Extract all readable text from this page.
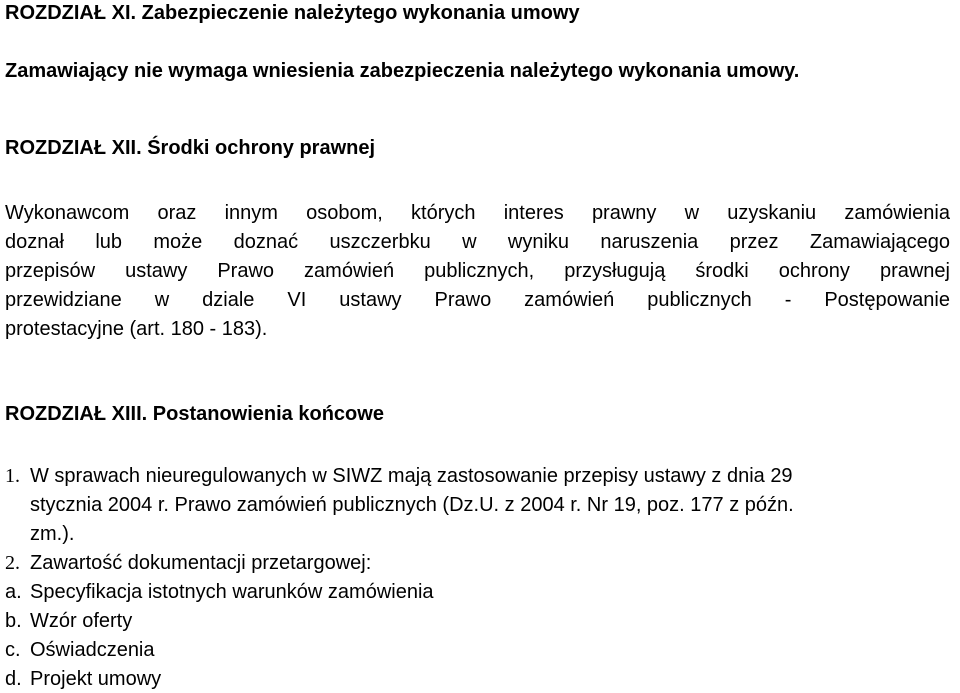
ROZDZIAŁ XI. Zabezpieczenie należytego wykonania umowy
Zamawiający nie wymaga wniesienia zabezpieczenia należytego wykonania umowy.
ROZDZIAŁ XII. Środki ochrony prawnej
Wykonawcom oraz innym osobom, których interes prawny w uzyskaniu zamówienia
doznał lub może doznać uszczerbku w wyniku naruszenia przez Zamawiającego
przepisów ustawy Prawo zamówień publicznych, przysługują środki ochrony prawnej
przewidziane w dziale VI ustawy Prawo zamówień publicznych - Postępowanie
protestacyjne (art. 180 - 183).
ROZDZIAŁ XIII. Postanowienia końcowe
1. W sprawach nieuregulowanych w SIWZ mają zastosowanie przepisy ustawy z dnia 29
stycznia 2004 r. Prawo zamówień publicznych (Dz.U. z 2004 r. Nr 19, poz. 177 z późn.
zm.).
2. Zawartość dokumentacji przetargowej:
a. Specyfikacja istotnych warunków zamówienia
b. Wzór oferty
c. Oświadczenia
d. Projekt umowy
